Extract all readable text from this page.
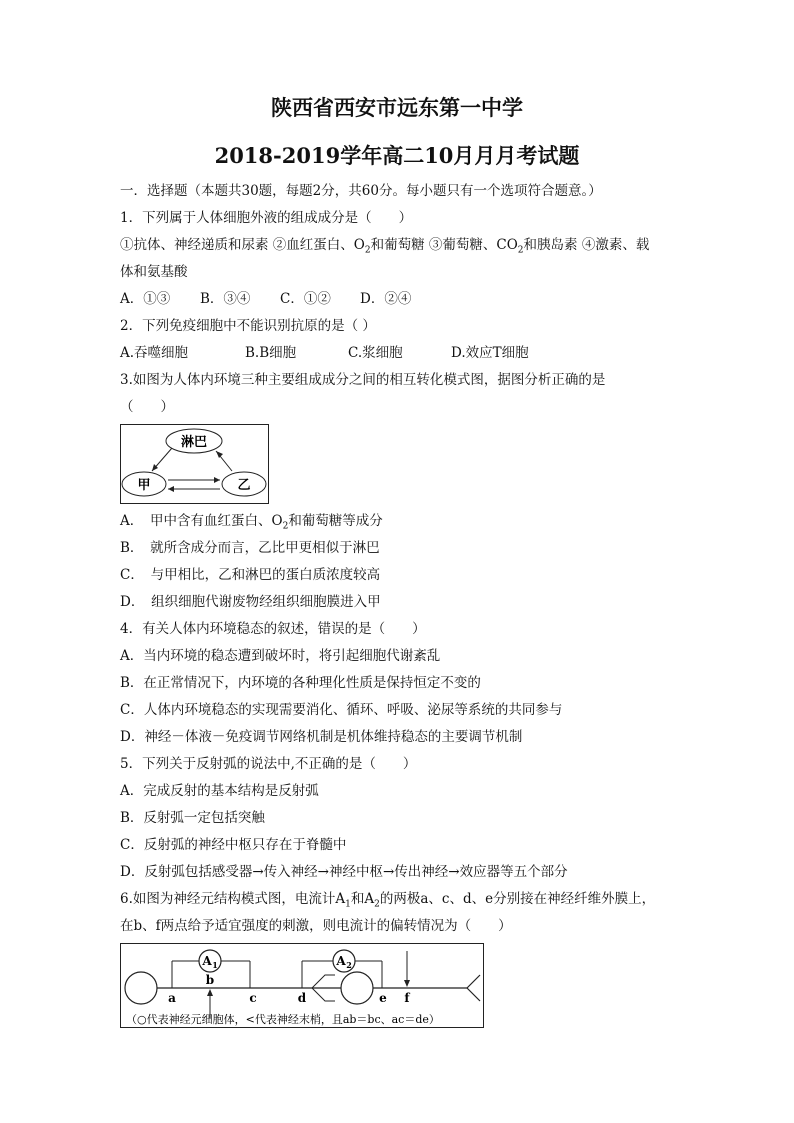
陕西省西安市远东第一中学
2018-2019学年高二10月月月考试题
一．选择题（本题共30题，每题2分，共60分。每小题只有一个选项符合题意。）
1．下列属于人体细胞外液的组成成分是（　　）
①抗体、神经递质和尿素 ②血红蛋白、$O_2$和葡萄糖 ③葡萄糖、$CO_2$和胰岛素 ④激素、载
体和氨基酸
A．①③	B．③④	C．①②	D．②④
2．下列免疫细胞中不能识别抗原的是（ ）
A.吞噬细胞	B.B细胞	C.浆细胞	D.效应T细胞
3.如图为人体内环境三种主要组成成分之间的相互转化模式图，据图分析正确的是
（　　）
淋巴
甲	乙
A．　甲中含有血红蛋白、$O_2$和葡萄糖等成分
B．　就所含成分而言，乙比甲更相似于淋巴
C．　与甲相比，乙和淋巴的蛋白质浓度较高
D．　组织细胞代谢废物经组织细胞膜进入甲
4．有关人体内环境稳态的叙述，错误的是（　　）
A．当内环境的稳态遭到破坏时，将引起细胞代谢紊乱
B．在正常情况下，内环境的各种理化性质是保持恒定不变的
C．人体内环境稳态的实现需要消化、循环、呼吸、泌尿等系统的共同参与
D．神经－体液－免疫调节网络机制是机体维持稳态的主要调节机制
5．下列关于反射弧的说法中,不正确的是（　　）
A．完成反射的基本结构是反射弧
B．反射弧一定包括突触
C．反射弧的神经中枢只存在于脊髓中
D．反射弧包括感受器→传入神经→神经中枢→传出神经→效应器等五个部分
6.如图为神经元结构模式图，电流计$A_1$和$A_2$的两极a、c、d、e分别接在神经纤维外膜上，
在b、f两点给予适宜强度的刺激，则电流计的偏转情况为（　　）
A 1	A 2
a
b
c	d	e f
（○代表神经元细胞体，<代表神经末梢，且ab＝bc、ac＝de）
